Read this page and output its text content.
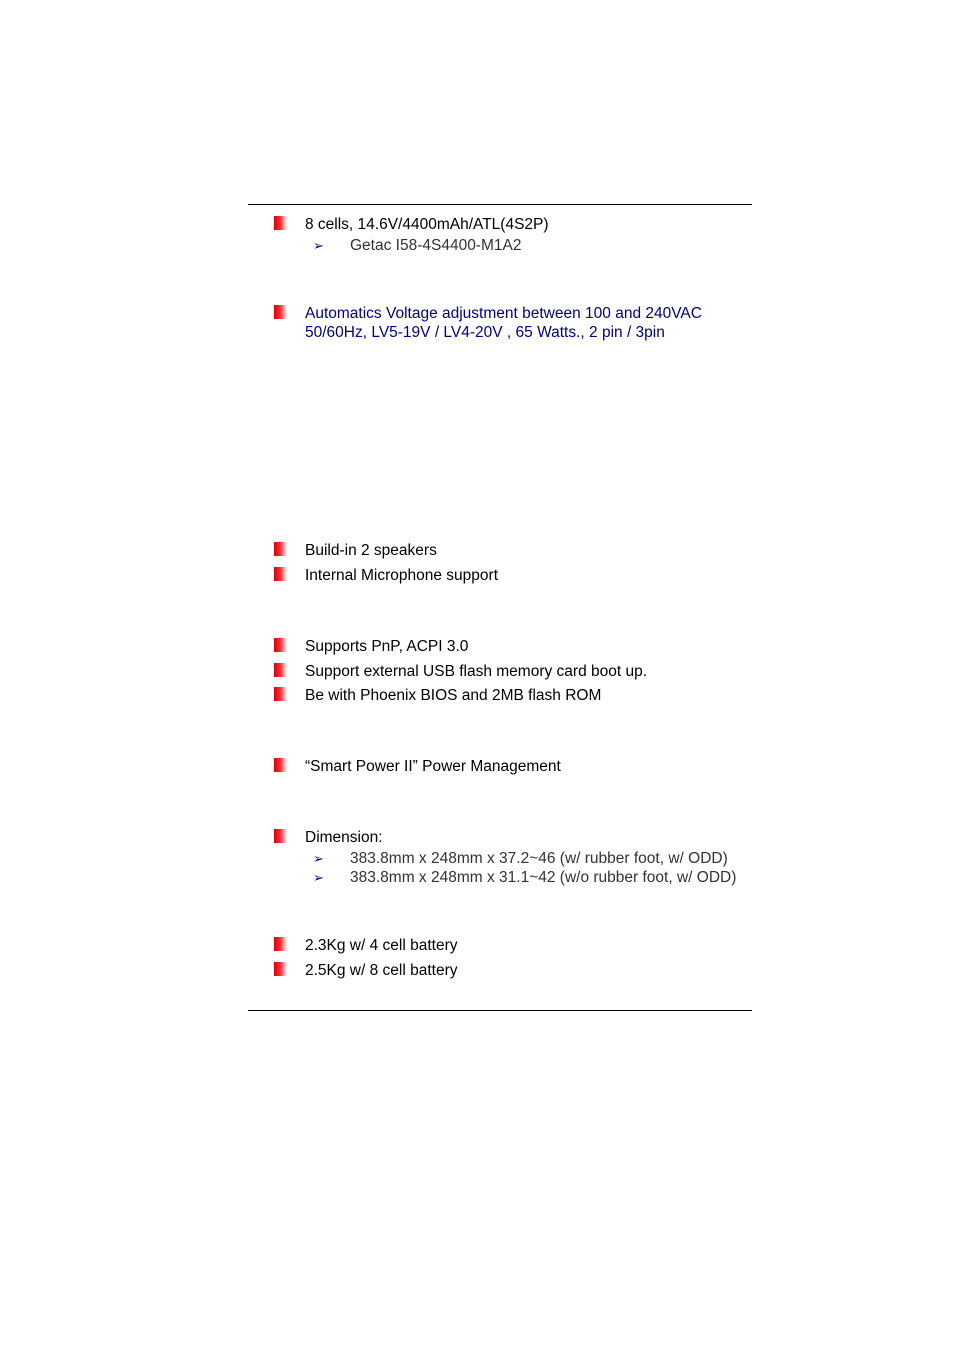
8 cells, 14.6V/4400mAh/ATL(4S2P)
➢ Getac I58-4S4400-M1A2
Automatics Voltage adjustment between 100 and 240VAC
50/60Hz, LV5-19V / LV4-20V , 65 Watts., 2 pin / 3pin
Build-in 2 speakers
Internal Microphone support
Supports PnP, ACPI 3.0
Support external USB flash memory card boot up.
Be with Phoenix BIOS and 2MB flash ROM
“Smart Power II” Power Management
Dimension:
➢ 383.8mm x 248mm x 37.2~46 (w/ rubber foot, w/ ODD)
➢ 383.8mm x 248mm x 31.1~42 (w/o rubber foot, w/ ODD)
2.3Kg w/ 4 cell battery
2.5Kg w/ 8 cell battery
